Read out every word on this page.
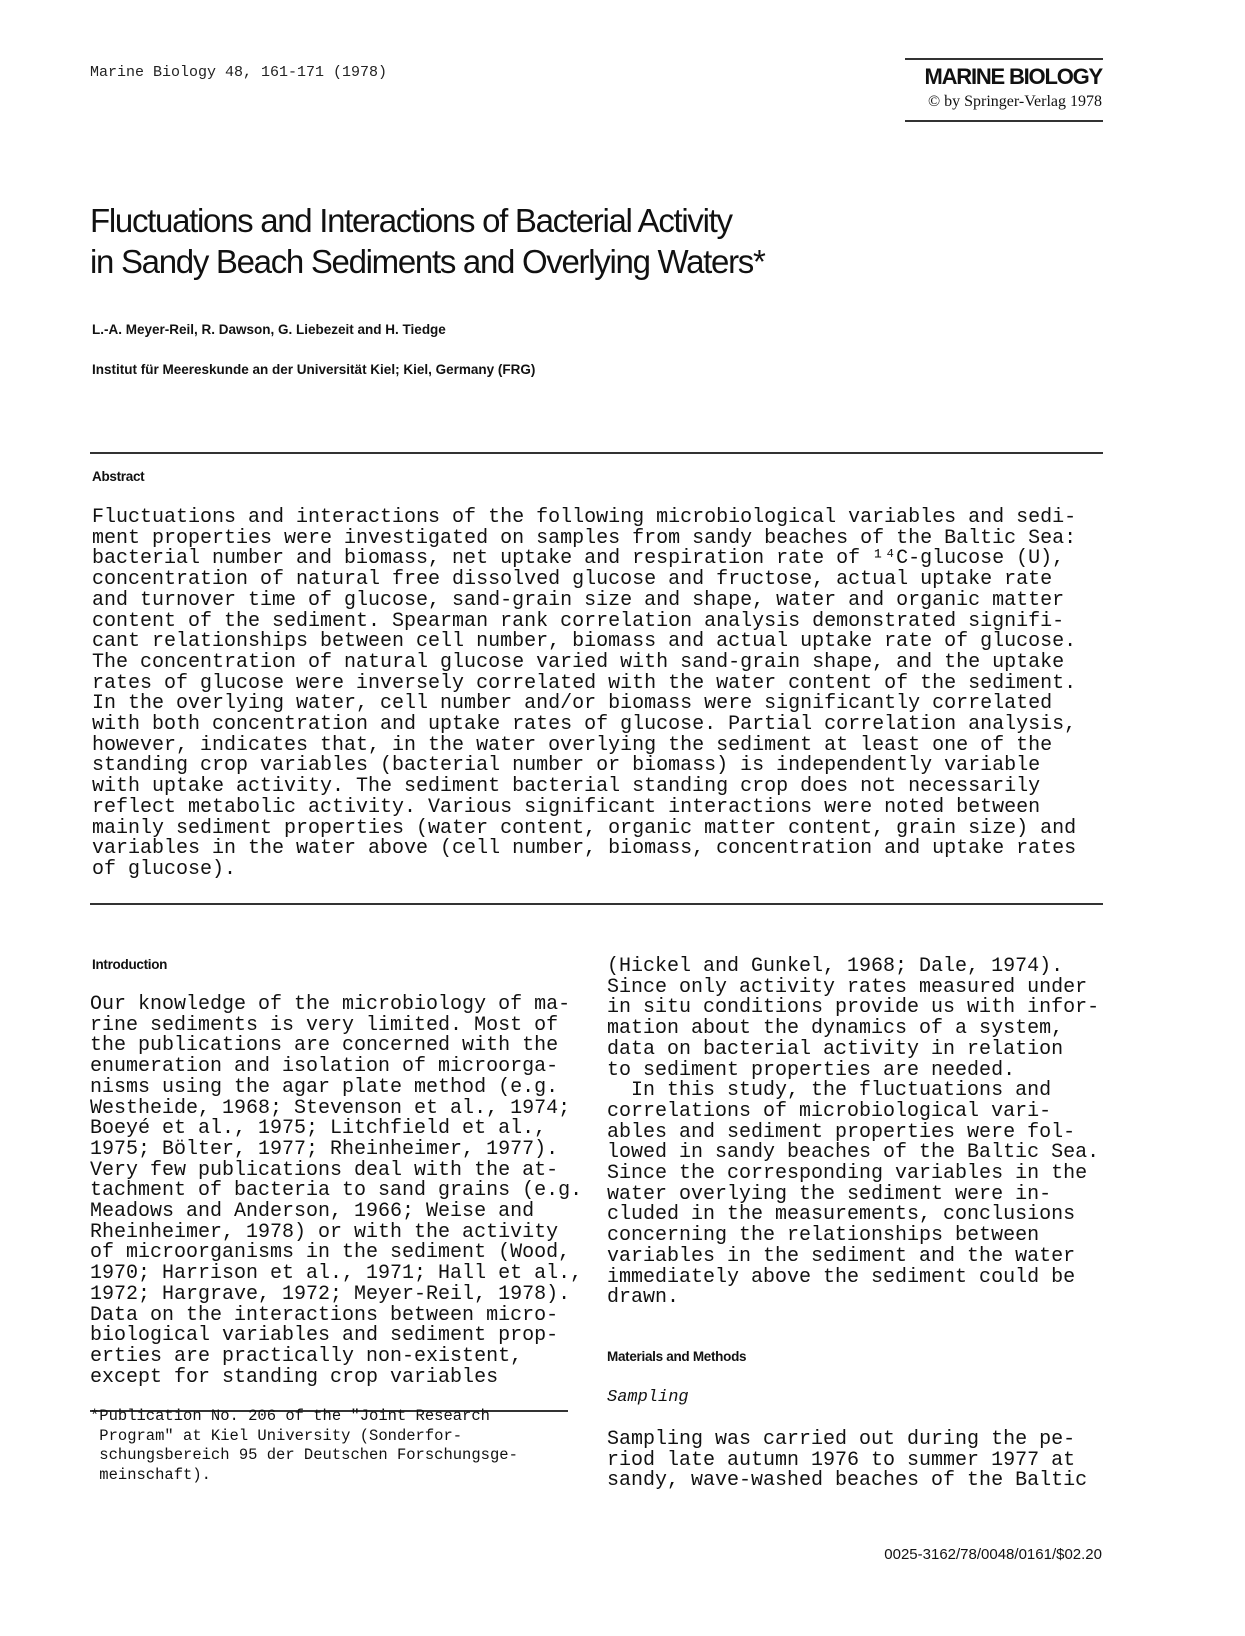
Marine Biology 48, 161-171 (1978)	MARINE BIOLOGY
© by Springer-Verlag 1978
Fluctuations and Interactions of Bacterial Activity
in Sandy Beach Sediments and Overlying Waters*
L.-A. Meyer-Reil, R. Dawson, G. Liebezeit and H. Tiedge
Institut für Meereskunde an der Universität Kiel; Kiel, Germany (FRG)
Abstract
Fluctuations and interactions of the following microbiological variables and sedi-
ment properties were investigated on samples from sandy beaches of the Baltic Sea:
bacterial number and biomass, net uptake and respiration rate of ¹⁴C-glucose (U),
concentration of natural free dissolved glucose and fructose, actual uptake rate
and turnover time of glucose, sand-grain size and shape, water and organic matter
content of the sediment. Spearman rank correlation analysis demonstrated signifi-
cant relationships between cell number, biomass and actual uptake rate of glucose.
The concentration of natural glucose varied with sand-grain shape, and the uptake
rates of glucose were inversely correlated with the water content of the sediment.
In the overlying water, cell number and/or biomass were significantly correlated
with both concentration and uptake rates of glucose. Partial correlation analysis,
however, indicates that, in the water overlying the sediment at least one of the
standing crop variables (bacterial number or biomass) is independently variable
with uptake activity. The sediment bacterial standing crop does not necessarily
reflect metabolic activity. Various significant interactions were noted between
mainly sediment properties (water content, organic matter content, grain size) and
variables in the water above (cell number, biomass, concentration and uptake rates
of glucose).
Introduction
Our knowledge of the microbiology of ma-
rine sediments is very limited. Most of
the publications are concerned with the
enumeration and isolation of microorga-
nisms using the agar plate method (e.g.
Westheide, 1968; Stevenson et al., 1974;
Boeyé et al., 1975; Litchfield et al.,
1975; Bölter, 1977; Rheinheimer, 1977).
Very few publications deal with the at-
tachment of bacteria to sand grains (e.g.
Meadows and Anderson, 1966; Weise and
Rheinheimer, 1978) or with the activity
of microorganisms in the sediment (Wood,
1970; Harrison et al., 1971; Hall et al.,
1972; Hargrave, 1972; Meyer-Reil, 1978).
Data on the interactions between micro-
biological variables and sediment prop-
erties are practically non-existent,
except for standing crop variables
(Hickel and Gunkel, 1968; Dale, 1974).
Since only activity rates measured under
in situ conditions provide us with infor-
mation about the dynamics of a system,
data on bacterial activity in relation
to sediment properties are needed.
In this study, the fluctuations and
correlations of microbiological vari-
ables and sediment properties were fol-
lowed in sandy beaches of the Baltic Sea.
Since the corresponding variables in the
water overlying the sediment were in-
cluded in the measurements, conclusions
concerning the relationships between
variables in the sediment and the water
immediately above the sediment could be
drawn.
*Publication No. 206 of the "Joint Research
Program" at Kiel University (Sonderfor-
schungsbereich 95 der Deutschen Forschungsge-
meinschaft).
Materials and Methods
Sampling
Sampling was carried out during the pe-
riod late autumn 1976 to summer 1977 at
sandy, wave-washed beaches of the Baltic
0025-3162/78/0048/0161/$02.20
